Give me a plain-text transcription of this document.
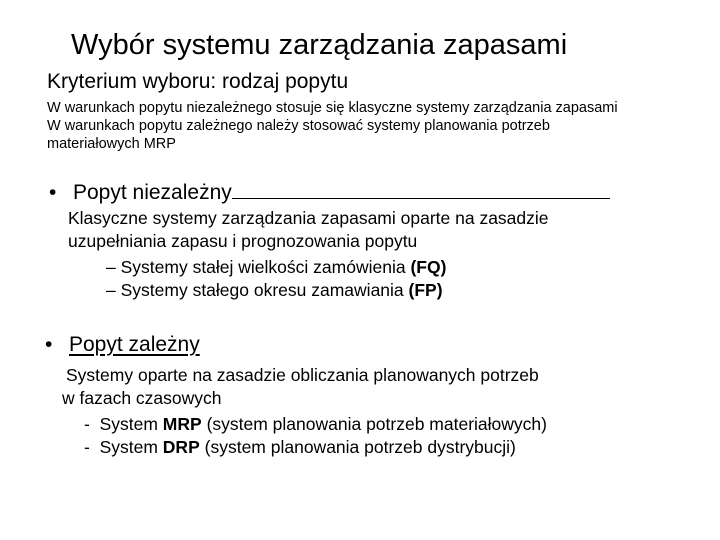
Wybór systemu zarządzania zapasami
Kryterium wyboru: rodzaj popytu
W warunkach popytu niezależnego stosuje się klasyczne systemy zarządzania zapasami
W warunkach popytu zależnego należy stosować systemy planowania potrzeb
materiałowych MRP
• Popyt niezależny
Klasyczne systemy zarządzania zapasami oparte na zasadzie
uzupełniania zapasu i prognozowania popytu
– Systemy stałej wielkości zamówienia (FQ)
– Systemy stałego okresu zamawiania (FP)
• Popyt zależny
Systemy oparte na zasadzie obliczania planowanych potrzeb
w fazach czasowych
- System MRP (system planowania potrzeb materiałowych)
- System DRP (system planowania potrzeb dystrybucji)
